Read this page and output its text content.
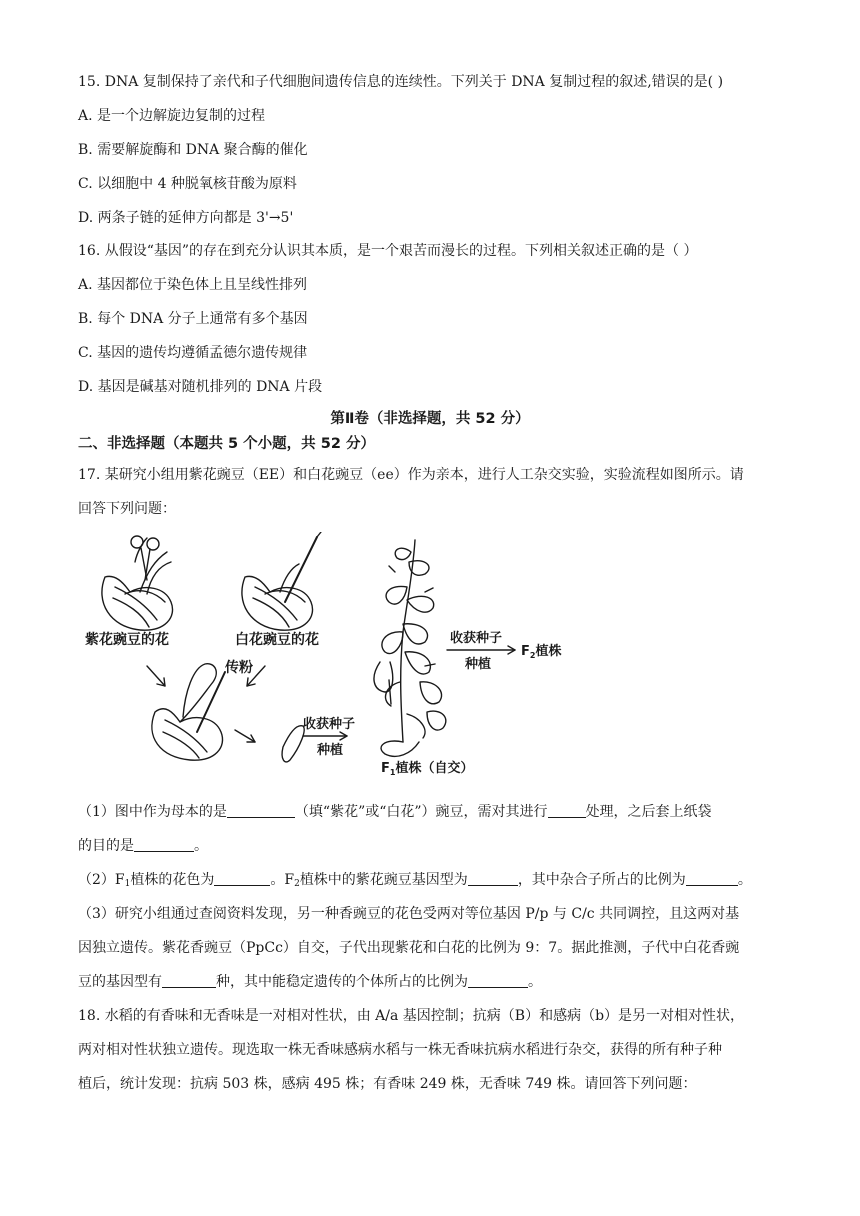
15. DNA 复制保持了亲代和子代细胞间遗传信息的连续性。下列关于 DNA 复制过程的叙述,错误的是( )
A. 是一个边解旋边复制的过程
B. 需要解旋酶和 DNA 聚合酶的催化
C. 以细胞中 4 种脱氧核苷酸为原料
D. 两条子链的延伸方向都是 3'→5'
16. 从假设“基因”的存在到充分认识其本质，是一个艰苦而漫长的过程。下列相关叙述正确的是（ ）
A. 基因都位于染色体上且呈线性排列
B. 每个 DNA 分子上通常有多个基因
C. 基因的遗传均遵循孟德尔遗传规律
D. 基因是碱基对随机排列的 DNA 片段
第Ⅱ卷（非选择题，共 52 分）
二、非选择题（本题共 5 个小题，共 52 分）
17. 某研究小组用紫花豌豆（EE）和白花豌豆（ee）作为亲本，进行人工杂交实验，实验流程如图所示。请
回答下列问题：
紫花豌豆的花	白花豌豆的花
传粉
收获种子
种植
收获种子
种植
$F_2$植株
$F_1$植株（自交）
（1）图中作为母本的是	（填“紫花”或“白花”）豌豆，需对其进行	处理，之后套上纸袋
的目的是	。
$(2)F_1$植株的花色为	。$F_2$植株中的紫花豌豆基因型为	，其中杂合子所占的比例为	。
（3）研究小组通过查阅资料发现，另一种香豌豆的花色受两对等位基因 P/p 与 C/c 共同调控，且这两对基
因独立遗传。紫花香豌豆（PpCc）自交，子代出现紫花和白花的比例为 9：7。据此推测，子代中白花香豌
豆的基因型有	种，其中能稳定遗传的个体所占的比例为	。
18. 水稻的有香味和无香味是一对相对性状，由 A/a 基因控制；抗病（B）和感病（b）是另一对相对性状，
两对相对性状独立遗传。现选取一株无香味感病水稻与一株无香味抗病水稻进行杂交，获得的所有种子种
植后，统计发现：抗病 503 株，感病 495 株；有香味 249 株，无香味 749 株。请回答下列问题：
